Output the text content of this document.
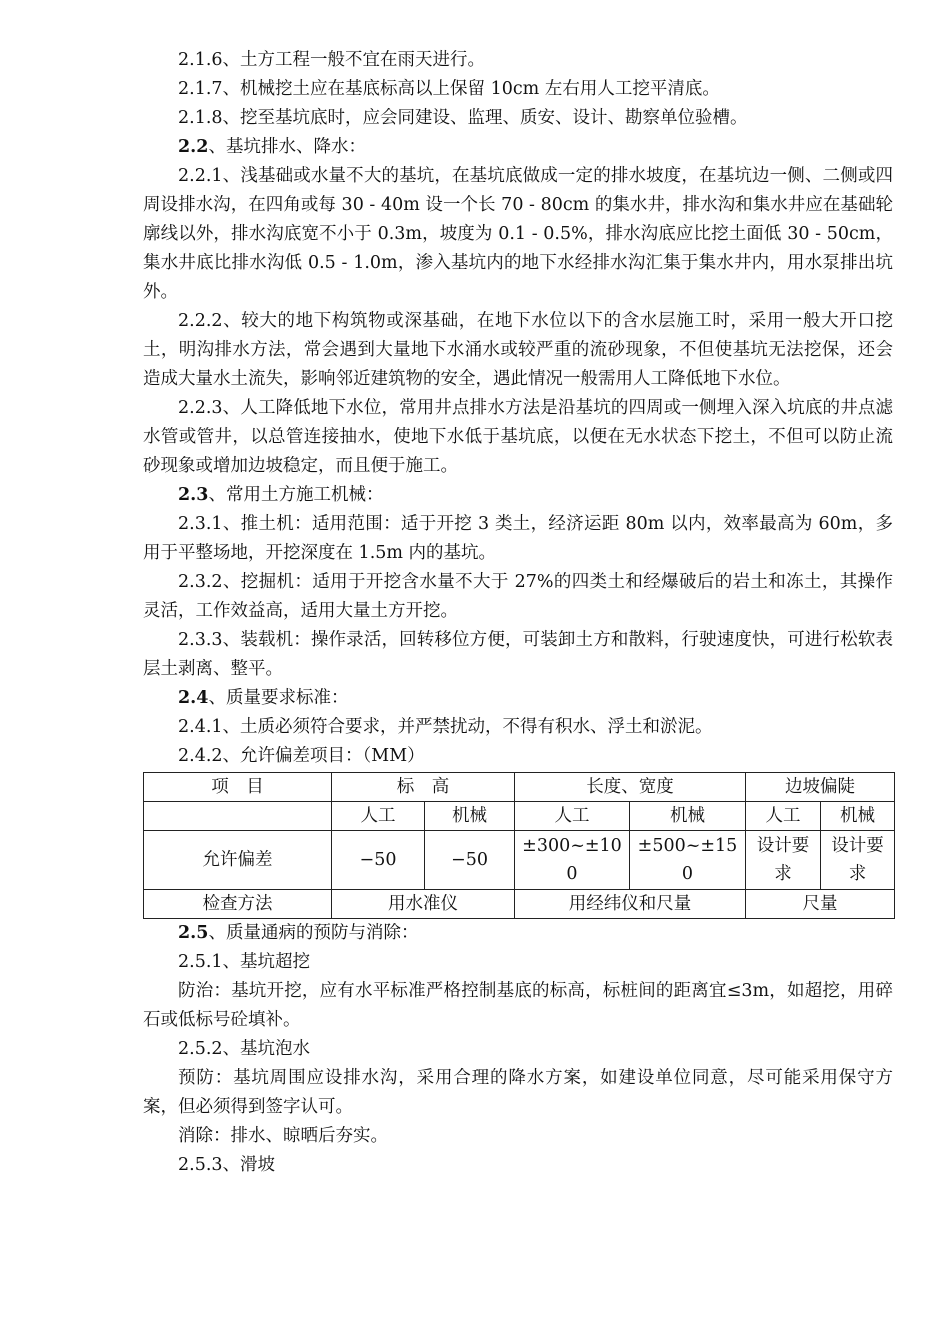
2.1.6、土方工程一般不宜在雨天进行。

2.1.7、机械挖土应在基底标高以上保留 10cm 左右用人工挖平清底。

2.1.8、挖至基坑底时，应会同建设、监理、质安、设计、勘察单位验槽。

2.2、基坑排水、降水：

2.2.1、浅基础或水量不大的基坑，在基坑底做成一定的排水坡度，在基坑边一侧、二侧或四周设排水沟，在四角或每 30 - 40m 设一个长 70 - 80cm 的集水井，排水沟和集水井应在基础轮廓线以外，排水沟底宽不小于 0.3m，坡度为 0.1 - 0.5%，排水沟底应比挖土面低 30 - 50cm，集水井底比排水沟低 0.5 - 1.0m，渗入基坑内的地下水经排水沟汇集于集水井内，用水泵排出坑外。

2.2.2、较大的地下构筑物或深基础，在地下水位以下的含水层施工时，采用一般大开口挖土，明沟排水方法，常会遇到大量地下水涌水或较严重的流砂现象，不但使基坑无法挖保，还会造成大量水土流失，影响邻近建筑物的安全，遇此情况一般需用人工降低地下水位。

2.2.3、人工降低地下水位，常用井点排水方法是沿基坑的四周或一侧埋入深入坑底的井点滤水管或管井，以总管连接抽水，使地下水低于基坑底，以便在无水状态下挖土，不但可以防止流砂现象或增加边坡稳定，而且便于施工。

2.3、常用土方施工机械：

2.3.1、推土机：适用范围：适于开挖 3 类土，经济运距 80m 以内，效率最高为 60m，多用于平整场地，开挖深度在 1.5m 内的基坑。

2.3.2、挖掘机：适用于开挖含水量不大于 27%的四类土和经爆破后的岩土和冻土，其操作灵活，工作效益高，适用大量土方开挖。

2.3.3、装载机：操作录活，回转移位方便，可装卸土方和散料，行驶速度快，可进行松软表层土剥离、整平。

2.4、质量要求标准：

2.4.1、土质必须符合要求，并严禁扰动，不得有积水、浮土和淤泥。

2.4.2、允许偏差项目：（MM）

项　目	标　高		长度、宽度		边坡偏陡	
	人工	机械	人工	机械	人工	机械
允许偏差	−50	−50	±300~±100	±500~±150	设计要求	设计要求
检查方法	用水准仪		用经纬仪和尺量		尺量	

2.5、质量通病的预防与消除：

2.5.1、基坑超挖

防治：基坑开挖，应有水平标准严格控制基底的标高，标桩间的距离宜≤3m，如超挖，用碎石或低标号砼填补。

2.5.2、基坑泡水

预防：基坑周围应设排水沟，采用合理的降水方案，如建设单位同意，尽可能采用保守方案，但必须得到签字认可。

消除：排水、晾晒后夯实。

2.5.3、滑坡
